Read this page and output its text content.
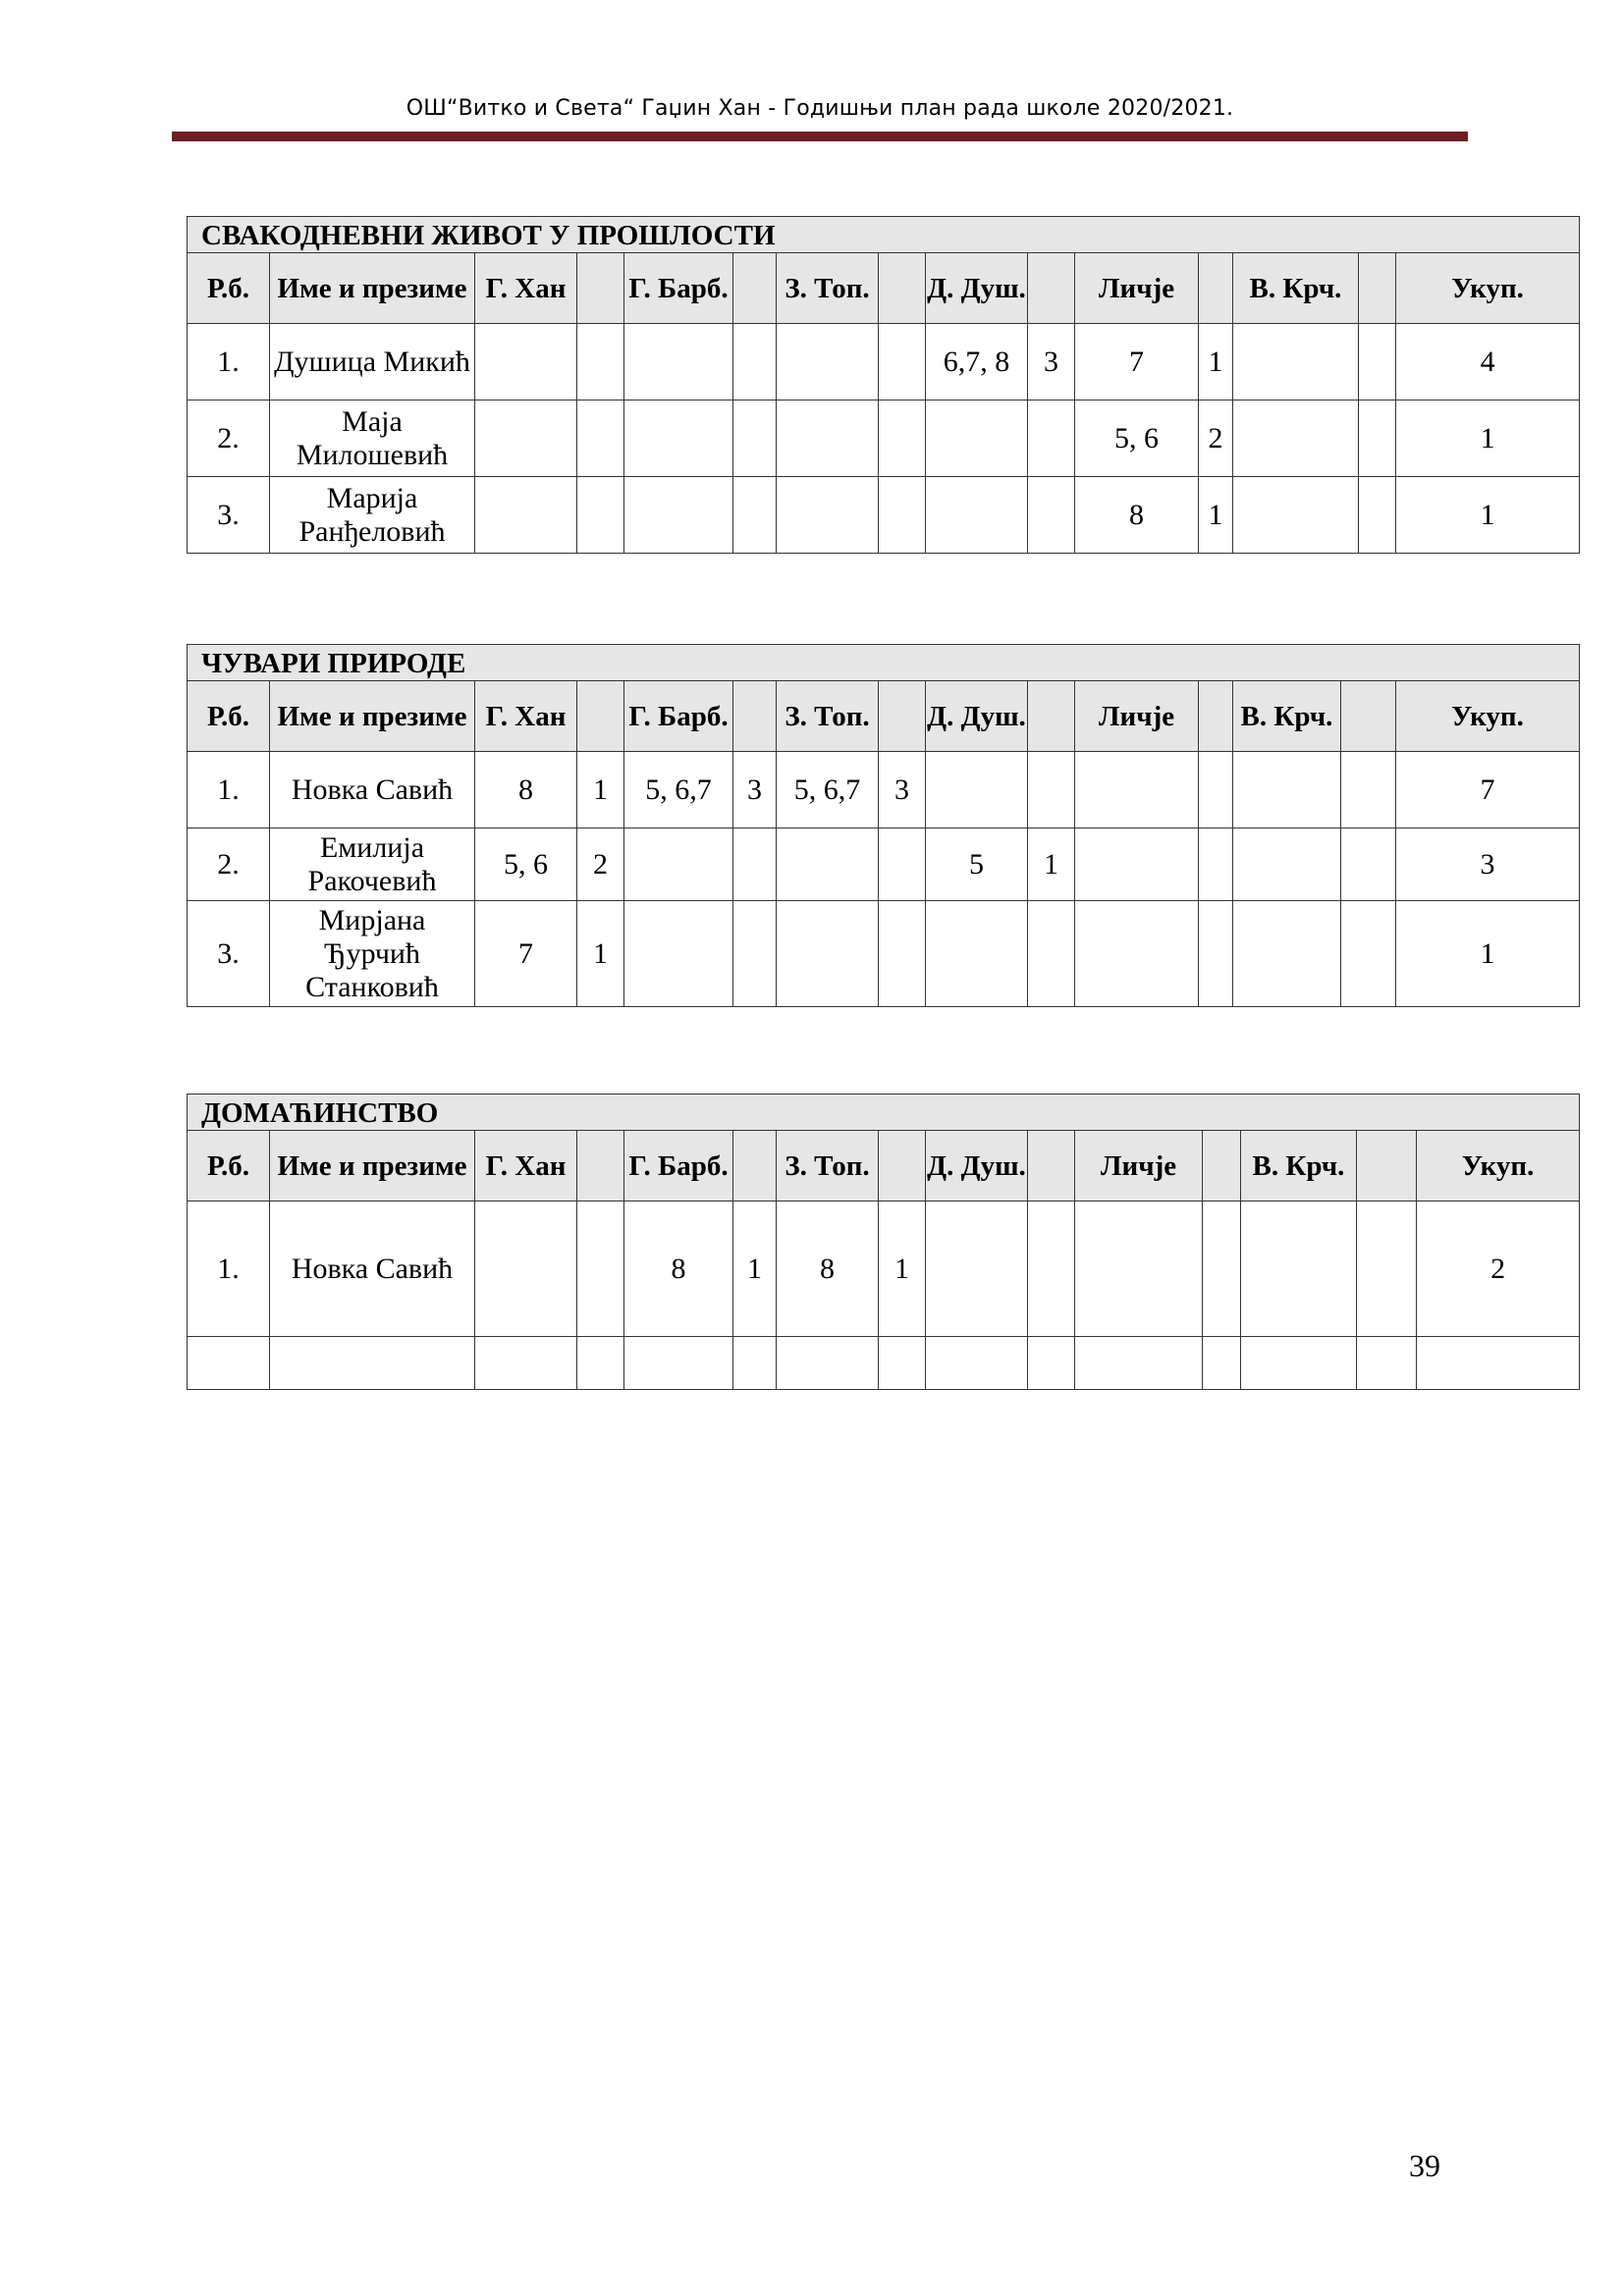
ОШ“Витко и Света“ Гаџин Хан - Годишњи план рада школе 2020/2021.
СВАКОДНЕВНИ ЖИВОТ У ПРОШЛОСТИ														
Р.б.	Име и презиме	Г. Хан		Г. Барб.		З. Топ.		Д. Душ.		Личје		В. Крч.		Укуп.
1.	Душица Микић							6,7, 8	3	7	1			4
2.	Маја Милошевић									5, 6	2			1
3.	Марија Ранђеловић									8	1			1
ЧУВАРИ ПРИРОДЕ														
Р.б.	Име и презиме	Г. Хан		Г. Барб.		З. Топ.		Д. Душ.		Личје		В. Крч.		Укуп.
1.	Новка Савић	8	1	5, 6,7	3	5, 6,7	3							7
2.	Емилија Ракочевић	5, 6	2					5	1					3
3.	Мирјана Ђурчић Станковић	7	1											1
ДОМАЋИНСТВО														
Р.б.	Име и презиме	Г. Хан		Г. Барб.		З. Топ.		Д. Душ.		Личје		В. Крч.		Укуп.
1.	Новка Савић			8	1	8	1							2

39
